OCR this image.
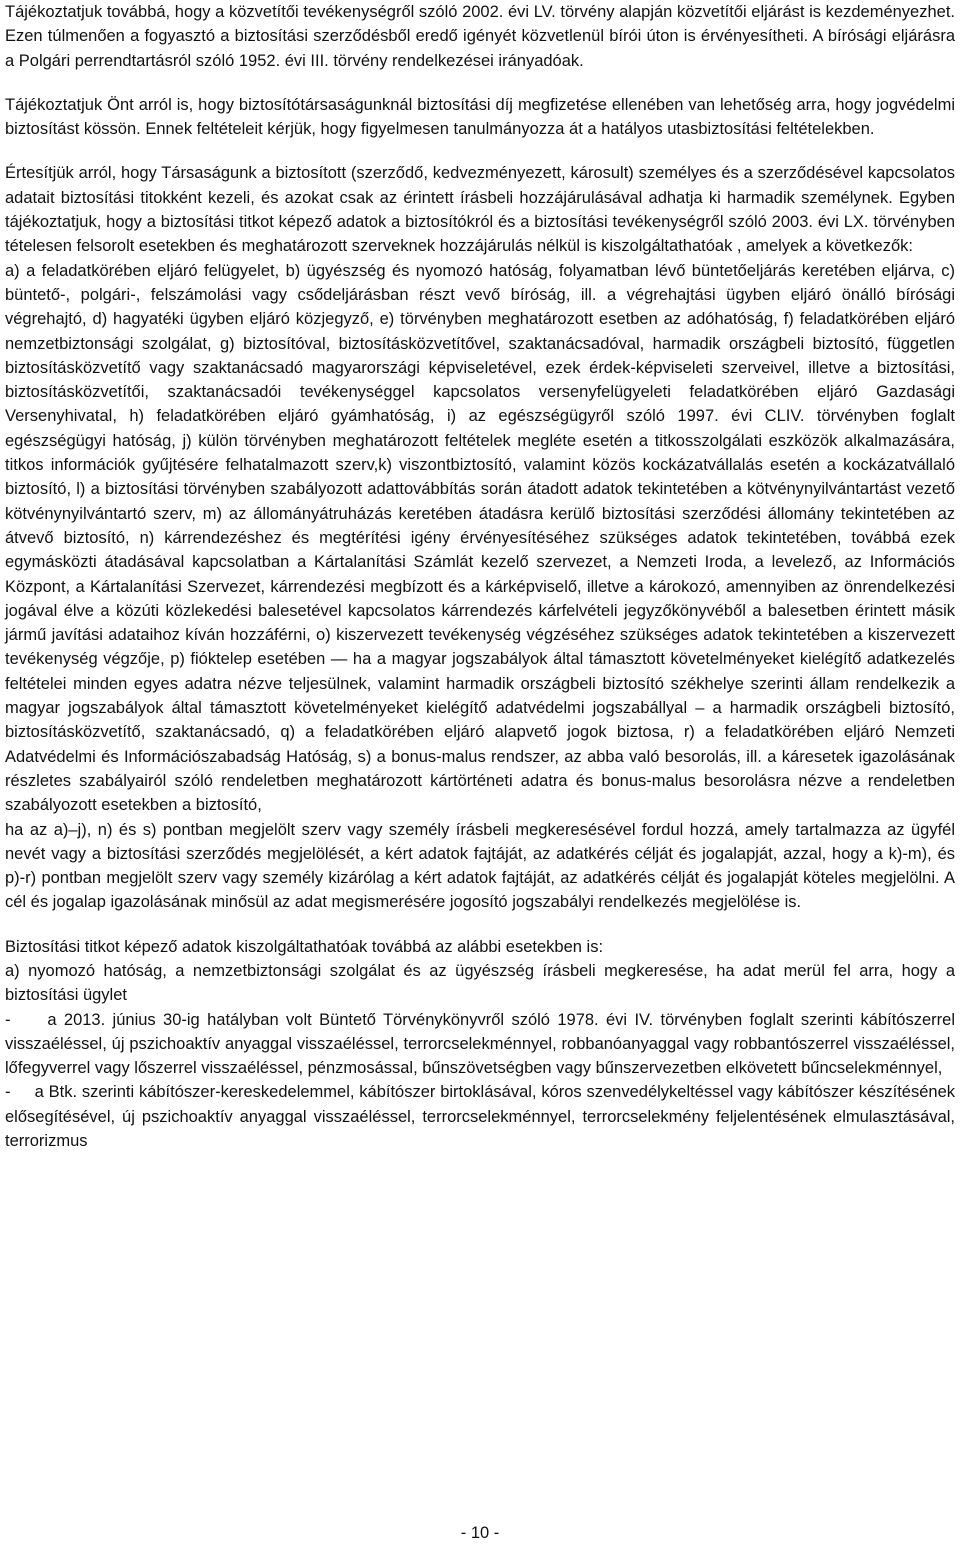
Tájékoztatjuk továbbá, hogy a közvetítői tevékenységről szóló 2002. évi LV. törvény alapján közvetítői eljárást is kezdeményezhet. Ezen túlmenően a fogyasztó a biztosítási szerződésből eredő igényét közvetlenül bírói úton is érvényesítheti. A bírósági eljárásra a Polgári perrendtartásról szóló 1952. évi III. törvény rendelkezései irányadóak.

Tájékoztatjuk Önt arról is, hogy biztosítótársaságunknál biztosítási díj megfizetése ellenében van lehetőség arra, hogy jogvédelmi biztosítást kössön. Ennek feltételeit kérjük, hogy figyelmesen tanulmányozza át a hatályos utasbiztosítási feltételekben.

Értesítjük arról, hogy Társaságunk a biztosított (szerződő, kedvezményezett, károsult) személyes és a szerződésével kapcsolatos adatait biztosítási titokként kezeli, és azokat csak az érintett írásbeli hozzájárulásával adhatja ki harmadik személynek. Egyben tájékoztatjuk, hogy a biztosítási titkot képező adatok a biztosítókról és a biztosítási tevékenységről szóló 2003. évi LX. törvényben tételesen felsorolt esetekben és meghatározott szerveknek hozzájárulás nélkül is kiszolgáltathatóak , amelyek a következők:

a) a feladatkörében eljáró felügyelet, b) ügyészség és nyomozó hatóság, folyamatban lévő büntetőeljárás keretében eljárva, c) büntető-, polgári-, felszámolási vagy csődeljárásban részt vevő bíróság, ill. a végrehajtási ügyben eljáró önálló bírósági végrehajtó, d) hagyatéki ügyben eljáró közjegyző, e) törvényben meghatározott esetben az adóhatóság, f) feladatkörében eljáró nemzetbiztonsági szolgálat, g) biztosítóval, biztosításközvetítővel, szaktanácsadóval, harmadik országbeli biztosító, független biztosításközvetítő vagy szaktanácsadó magyarországi képviseletével, ezek érdek-képviseleti szerveivel, illetve a biztosítási, biztosításközvetítői, szaktanácsadói tevékenységgel kapcsolatos versenyfelügyeleti feladatkörében eljáró Gazdasági Versenyhivatal, h) feladatkörében eljáró gyámhatóság, i) az egészségügyről szóló 1997. évi CLIV. törvényben foglalt egészségügyi hatóság, j) külön törvényben meghatározott feltételek megléte esetén a titkosszolgálati eszközök alkalmazására, titkos információk gyűjtésére felhatalmazott szerv,k) viszontbiztosító, valamint közös kockázatvállalás esetén a kockázatvállaló biztosító, l) a biztosítási törvényben szabályozott adattovábbítás során átadott adatok tekintetében a kötvénynyilvántartást vezető kötvénynyilvántartó szerv, m) az állományátruházás keretében átadásra kerülő biztosítási szerződési állomány tekintetében az átvevő biztosító, n) kárrendezéshez és megtérítési igény érvényesítéséhez szükséges adatok tekintetében, továbbá ezek egymásközti átadásával kapcsolatban a Kártalanítási Számlát kezelő szervezet, a Nemzeti Iroda, a levelező, az Információs Központ, a Kártalanítási Szervezet, kárrendezési megbízott és a kárképviselő, illetve a károkozó, amennyiben az önrendelkezési jogával élve a közúti közlekedési balesetével kapcsolatos kárrendezés kárfelvételi jegyzőkönyvéből a balesetben érintett másik jármű javítási adataihoz kíván hozzáférni, o) kiszervezett tevékenység végzéséhez szükséges adatok tekintetében a kiszervezett tevékenység végzője, p) fióktelep esetében — ha a magyar jogszabályok által támasztott követelményeket kielégítő adatkezelés feltételei minden egyes adatra nézve teljesülnek, valamint harmadik országbeli biztosító székhelye szerinti állam rendelkezik a magyar jogszabályok által támasztott követelményeket kielégítő adatvédelmi jogszabállyal – a harmadik országbeli biztosító, biztosításközvetítő, szaktanácsadó, q) a feladatkörében eljáró alapvető jogok biztosa, r) a feladatkörében eljáró Nemzeti Adatvédelmi és Információszabadság Hatóság, s) a bonus-malus rendszer, az abba való besorolás, ill. a káresetek igazolásának részletes szabályairól szóló rendeletben meghatározott kártörténeti adatra és bonus-malus besorolásra nézve a rendeletben szabályozott esetekben a biztosító,

ha az a)–j), n) és s) pontban megjelölt szerv vagy személy írásbeli megkeresésével fordul hozzá, amely tartalmazza az ügyfél nevét vagy a biztosítási szerződés megjelölését, a kért adatok fajtáját, az adatkérés célját és jogalapját, azzal, hogy a k)-m), és p)-r) pontban megjelölt szerv vagy személy kizárólag a kért adatok fajtáját, az adatkérés célját és jogalapját köteles megjelölni. A cél és jogalap igazolásának minősül az adat megismerésére jogosító jogszabályi rendelkezés megjelölése is.

Biztosítási titkot képező adatok kiszolgáltathatóak továbbá az alábbi esetekben is:

a) nyomozó hatóság, a nemzetbiztonsági szolgálat és az ügyészség írásbeli megkeresése, ha adat merül fel arra, hogy a biztosítási ügylet

-     a 2013. június 30-ig hatályban volt Büntető Törvénykönyvről szóló 1978. évi IV. törvényben foglalt szerinti kábítószerrel visszaéléssel, új pszichoaktív anyaggal visszaéléssel, terrorcselekménnyel, robbanóanyaggal vagy robbantószerrel visszaéléssel, lőfegyverrel vagy lőszerrel visszaéléssel, pénzmosással, bűnszövetségben vagy bűnszervezetben elkövetett bűncselekménnyel,

-     a Btk. szerinti kábítószer-kereskedelemmel, kábítószer birtoklásával, kóros szenvedélykeltéssel vagy kábítószer készítésének elősegítésével, új pszichoaktív anyaggal visszaéléssel, terrorcselekménnyel, terrorcselekmény feljelentésének elmulasztásával, terrorizmus

- 10 -
